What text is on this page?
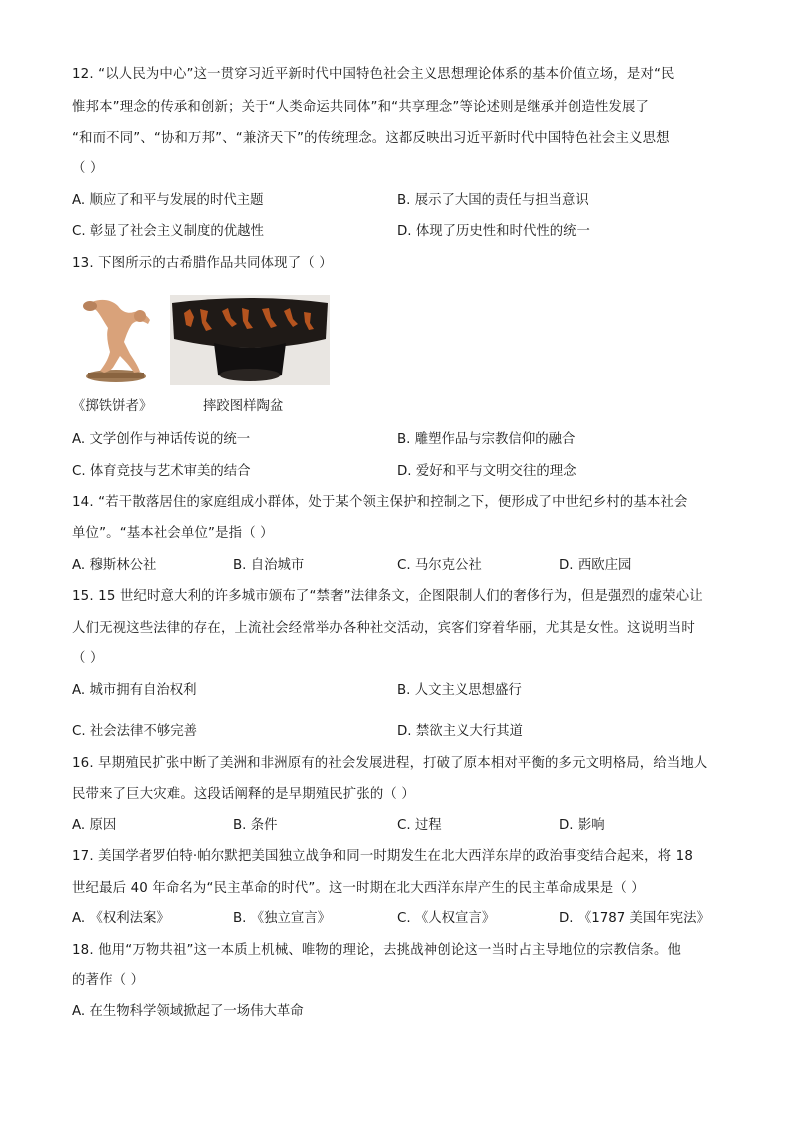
12. “以人民为中心”这一贯穿习近平新时代中国特色社会主义思想理论体系的基本价值立场，是对“民
惟邦本”理念的传承和创新；关于“人类命运共同体”和“共享理念”等论述则是继承并创造性发展了
“和而不同”、“协和万邦”、“兼济天下”的传统理念。这都反映出习近平新时代中国特色社会主义思想
（ ）
A. 顺应了和平与发展的时代主题	B. 展示了大国的责任与担当意识
C. 彰显了社会主义制度的优越性	D. 体现了历史性和时代性的统一
13. 下图所示的古希腊作品共同体现了（ ）
《掷铁饼者》	摔跤图样陶盆
A. 文学创作与神话传说的统一	B. 雕塑作品与宗教信仰的融合
C. 体育竞技与艺术审美的结合	D. 爱好和平与文明交往的理念
14. “若干散落居住的家庭组成小群体，处于某个领主保护和控制之下，便形成了中世纪乡村的基本社会
单位”。“基本社会单位”是指（ ）
A. 穆斯林公社	B. 自治城市	C. 马尔克公社	D. 西欧庄园
15. 15 世纪时意大利的许多城市颁布了“禁奢”法律条文，企图限制人们的奢侈行为，但是强烈的虚荣心让
人们无视这些法律的存在，上流社会经常举办各种社交活动，宾客们穿着华丽，尤其是女性。这说明当时
（ ）
A. 城市拥有自治权利	B. 人文主义思想盛行
C. 社会法律不够完善	D. 禁欲主义大行其道
16. 早期殖民扩张中断了美洲和非洲原有的社会发展进程，打破了原本相对平衡的多元文明格局，给当地人
民带来了巨大灾难。这段话阐释的是早期殖民扩张的（ ）
A. 原因	B. 条件	C. 过程	D. 影响
17. 美国学者罗伯特·帕尔默把美国独立战争和同一时期发生在北大西洋东岸的政治事变结合起来，将 18
世纪最后 40 年命名为“民主革命的时代”。这一时期在北大西洋东岸产生的民主革命成果是（ ）
A. 《权利法案》	B. 《独立宣言》	C. 《人权宣言》	D. 《1787 美国年宪法》
18. 他用“万物共祖”这一本质上机械、唯物的理论，去挑战神创论这一当时占主导地位的宗教信条。他
的著作（ ）
A. 在生物科学领域掀起了一场伟大革命
